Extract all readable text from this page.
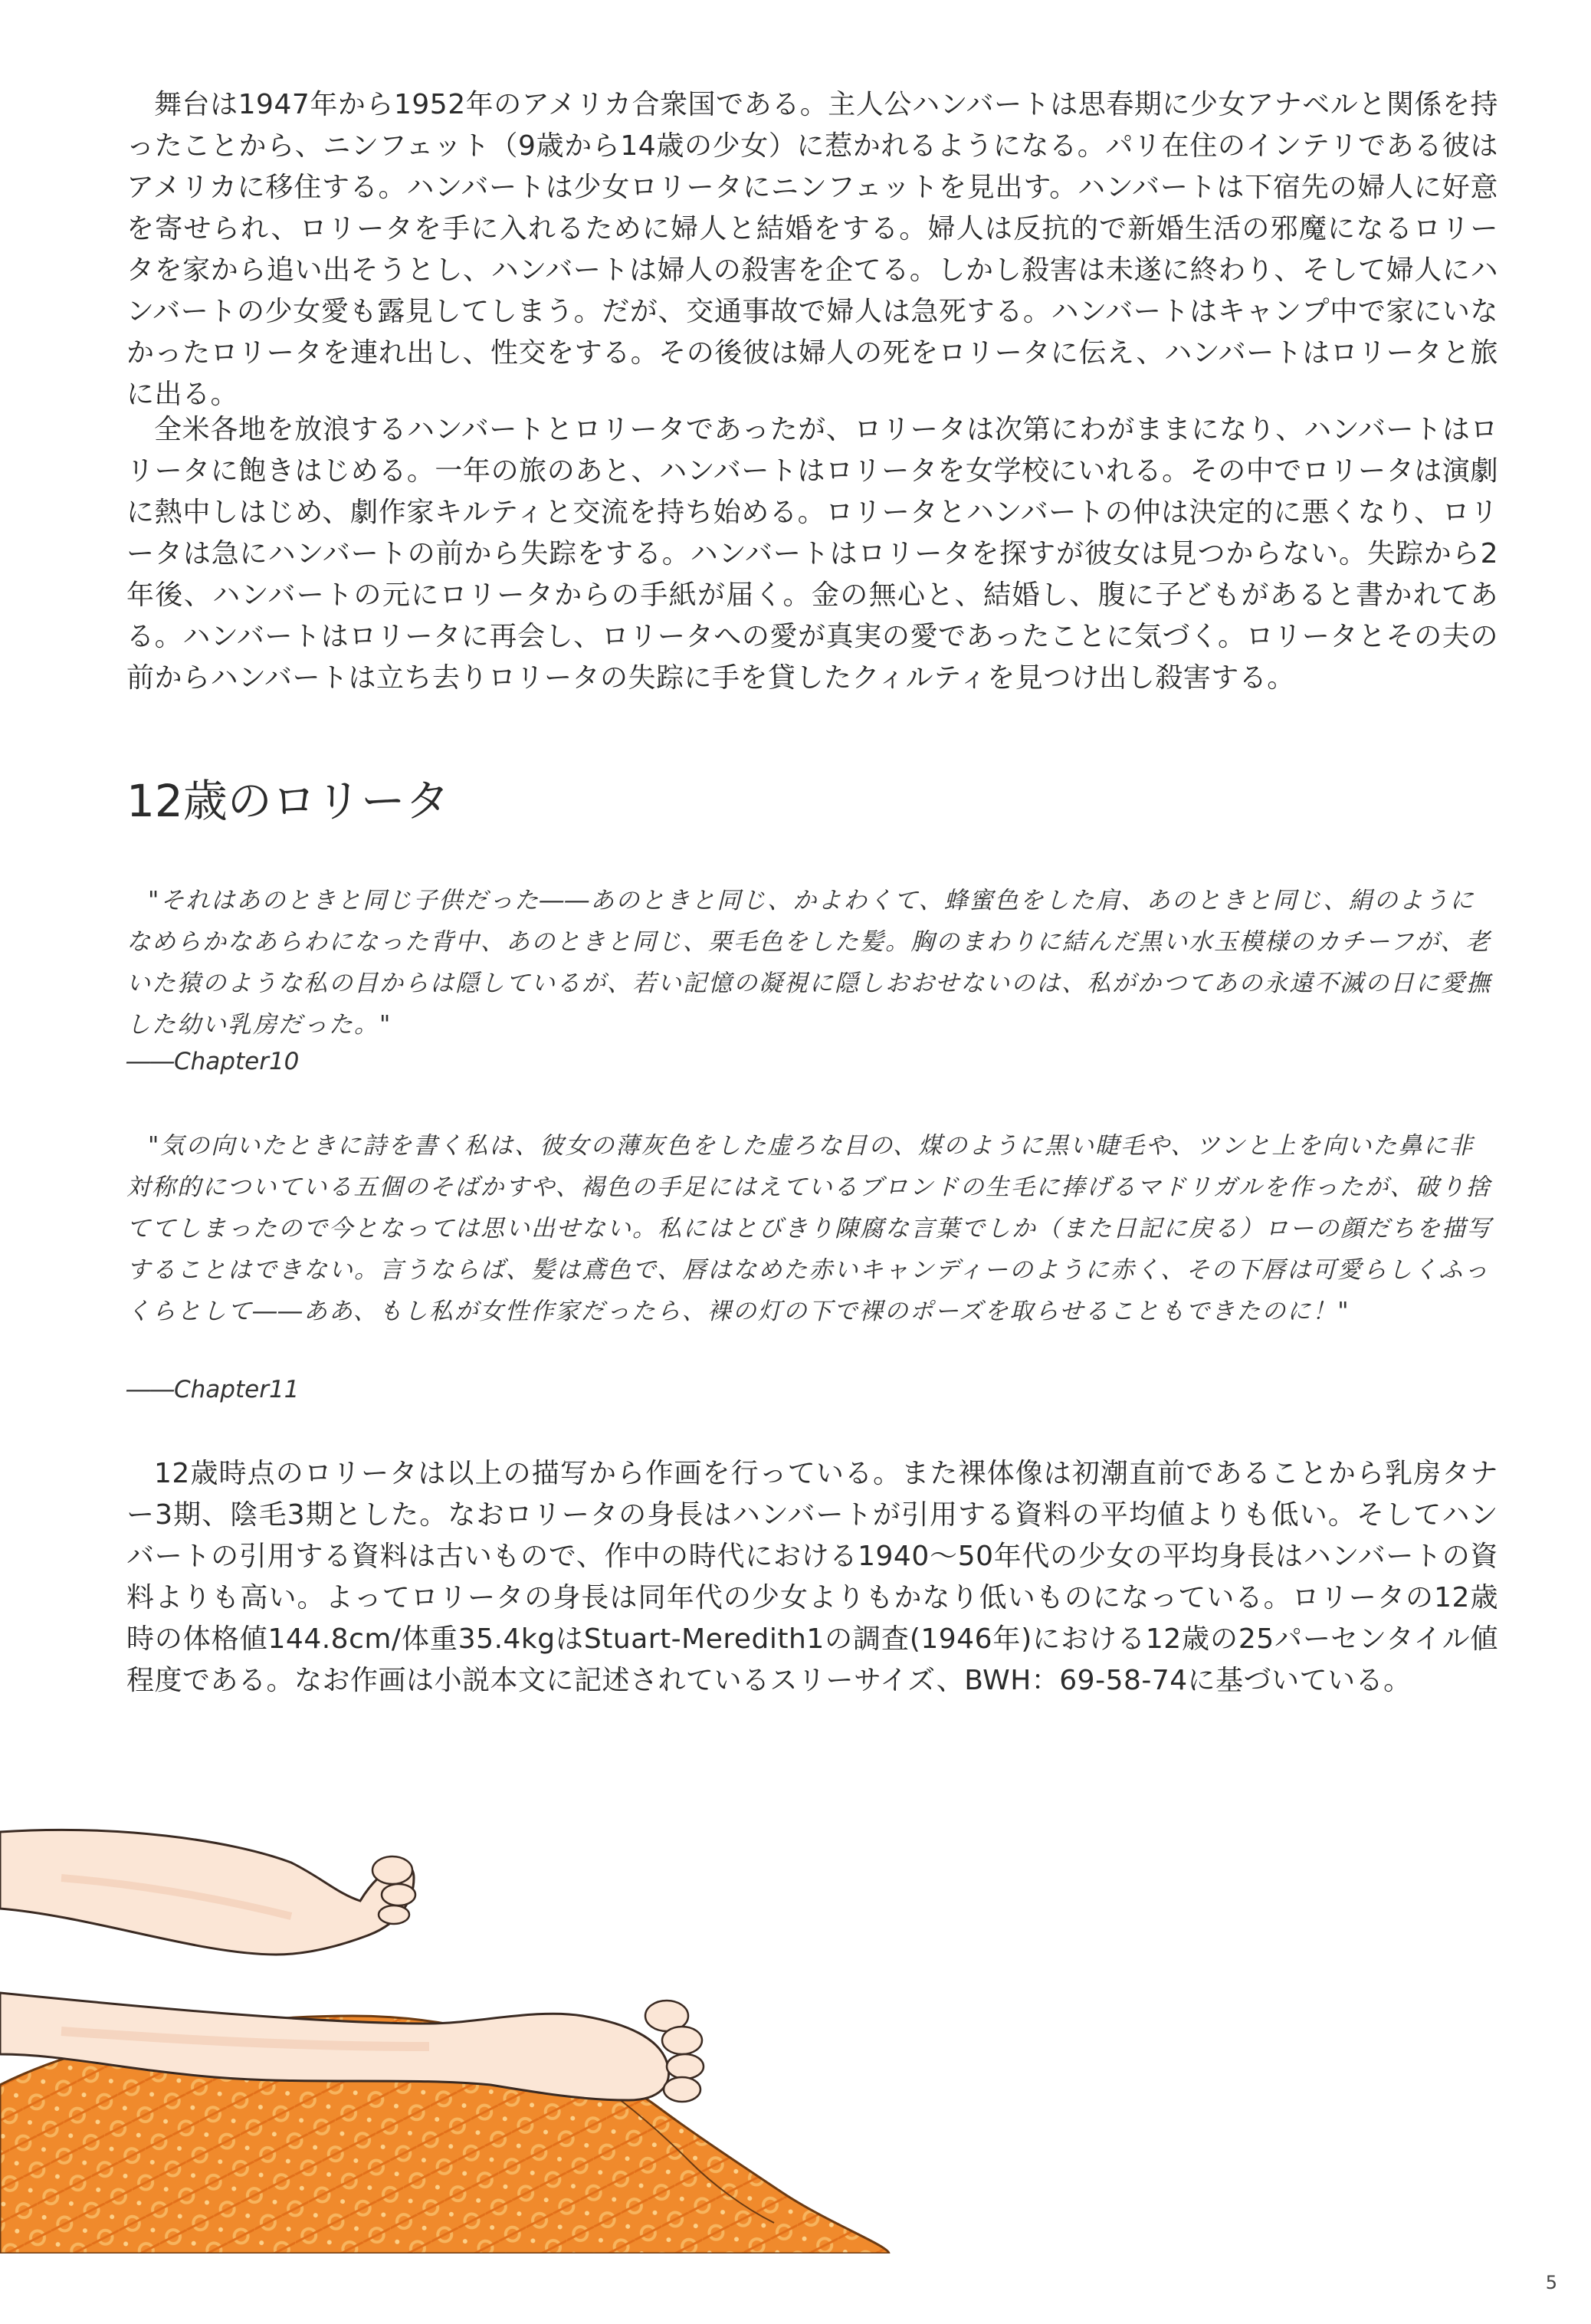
舞台は1947年から1952年のアメリカ合衆国である。主人公ハンバートは思春期に少女アナベルと関係を持ったことから、ニンフェット（9歳から14歳の少女）に惹かれるようになる。パリ在住のインテリである彼はアメリカに移住する。ハンバートは少女ロリータにニンフェットを見出す。ハンバートは下宿先の婦人に好意を寄せられ、ロリータを手に入れるために婦人と結婚をする。婦人は反抗的で新婚生活の邪魔になるロリータを家から追い出そうとし、ハンバートは婦人の殺害を企てる。しかし殺害は未遂に終わり、そして婦人にハンバートの少女愛も露見してしまう。だが、交通事故で婦人は急死する。ハンバートはキャンプ中で家にいなかったロリータを連れ出し、性交をする。その後彼は婦人の死をロリータに伝え、ハンバートはロリータと旅に出る。

全米各地を放浪するハンバートとロリータであったが、ロリータは次第にわがままになり、ハンバートはロリータに飽きはじめる。一年の旅のあと、ハンバートはロリータを女学校にいれる。その中でロリータは演劇に熱中しはじめ、劇作家キルティと交流を持ち始める。ロリータとハンバートの仲は決定的に悪くなり、ロリータは急にハンバートの前から失踪をする。ハンバートはロリータを探すが彼女は見つからない。失踪から2年後、ハンバートの元にロリータからの手紙が届く。金の無心と、結婚し、腹に子どもがあると書かれてある。ハンバートはロリータに再会し、ロリータへの愛が真実の愛であったことに気づく。ロリータとその夫の前からハンバートは立ち去りロリータの失踪に手を貸したクィルティを見つけ出し殺害する。

12歳のロリータ

"それはあのときと同じ子供だった――あのときと同じ、かよわくて、蜂蜜色をした肩、あのときと同じ、絹のようになめらかなあらわになった背中、あのときと同じ、栗毛色をした髪。胸のまわりに結んだ黒い水玉模様のカチーフが、老いた猿のような私の目からは隠しているが、若い記憶の凝視に隠しおおせないのは、私がかつてあの永遠不滅の日に愛撫した幼い乳房だった。"

――Chapter10

"気の向いたときに詩を書く私は、彼女の薄灰色をした虚ろな目の、煤のように黒い睫毛や、ツンと上を向いた鼻に非対称的についている五個のそばかすや、褐色の手足にはえているブロンドの生毛に捧げるマドリガルを作ったが、破り捨ててしまったので今となっては思い出せない。私にはとびきり陳腐な言葉でしか（また日記に戻る）ローの顔だちを描写することはできない。言うならば、髪は鳶色で、唇はなめた赤いキャンディーのように赤く、その下唇は可愛らしくふっくらとして――ああ、もし私が女性作家だったら、裸の灯の下で裸のポーズを取らせることもできたのに！"

――Chapter11

12歳時点のロリータは以上の描写から作画を行っている。また裸体像は初潮直前であることから乳房タナー3期、陰毛3期とした。なおロリータの身長はハンバートが引用する資料の平均値よりも低い。そしてハンバートの引用する資料は古いもので、作中の時代における1940～50年代の少女の平均身長はハンバートの資料よりも高い。よってロリータの身長は同年代の少女よりもかなり低いものになっている。ロリータの12歳時の体格値144.8cm/体重35.4kgはStuart-Meredith1の調査(1946年)における12歳の25パーセンタイル値程度である。なお作画は小説本文に記述されているスリーサイズ、BWH：69-58-74に基づいている。

5
